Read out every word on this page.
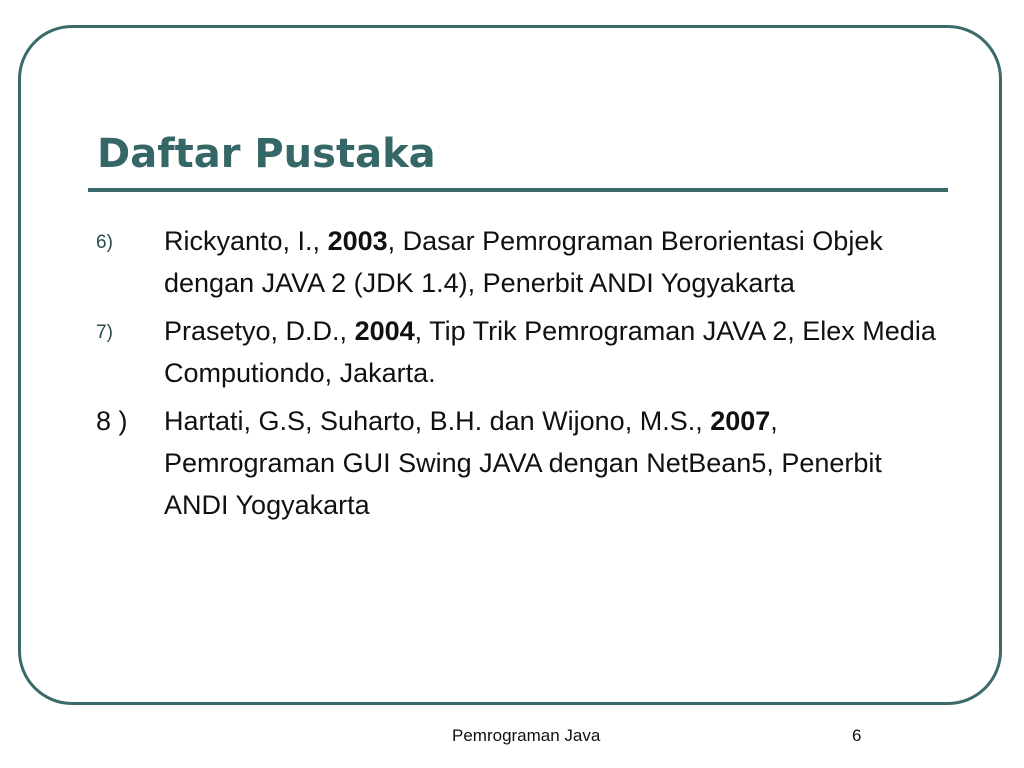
Daftar Pustaka
6) Rickyanto, I., 2003, Dasar Pemrograman Berorientasi Objek dengan JAVA 2 (JDK 1.4), Penerbit ANDI Yogyakarta
7) Prasetyo, D.D., 2004, Tip Trik Pemrograman JAVA 2, Elex Media Computiondo, Jakarta.
8 ) Hartati, G.S, Suharto, B.H. dan Wijono, M.S., 2007, Pemrograman GUI Swing JAVA dengan NetBean5, Penerbit ANDI Yogyakarta
Pemrograman Java	6
